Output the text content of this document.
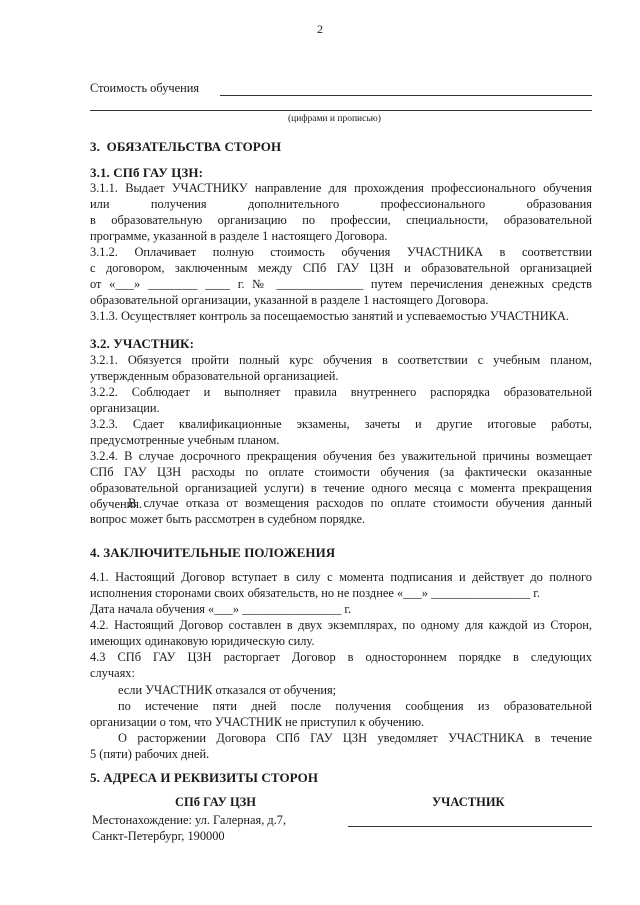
2
Стоимость обучения
(цифрами и прописью)
3.  ОБЯЗАТЕЛЬСТВА СТОРОН
3.1. СПб ГАУ ЦЗН:
3.1.1. Выдает УЧАСТНИКУ направление для прохождения профессионального обучения
или получения дополнительного профессионального образования
в образовательную организацию по профессии, специальности, образовательной
программе, указанной в разделе 1 настоящего Договора.
3.1.2. Оплачивает полную стоимость обучения УЧАСТНИКА в соответствии
с договором, заключенным между СПб ГАУ ЦЗН и образовательной организацией
от «___» ________ ____ г. № ______________ путем перечисления денежных средств
образовательной организации, указанной в разделе 1 настоящего Договора.
3.1.3. Осуществляет контроль за посещаемостью занятий и успеваемостью УЧАСТНИКА.
3.2. УЧАСТНИК:
3.2.1. Обязуется пройти полный курс обучения в соответствии с учебным планом,
утвержденным образовательной организацией.
3.2.2. Соблюдает и выполняет правила внутреннего распорядка образовательной
организации.
3.2.3. Сдает квалификационные экзамены, зачеты и другие итоговые работы,
предусмотренные учебным планом.
3.2.4. В случае досрочного прекращения обучения без уважительной причины возмещает
СПб ГАУ ЦЗН расходы по оплате стоимости обучения (за фактически оказанные
образовательной организацией услуги) в течение одного месяца с момента прекращения
обучения.
В случае отказа от возмещения расходов по оплате стоимости обучения данный
вопрос может быть рассмотрен в судебном порядке.
4. ЗАКЛЮЧИТЕЛЬНЫЕ ПОЛОЖЕНИЯ
4.1. Настоящий Договор вступает в силу с момента подписания и действует до полного
исполнения сторонами своих обязательств, но не позднее «___» ________________ г.
Дата начала обучения «___» ________________ г.
4.2. Настоящий Договор составлен в двух экземплярах, по одному для каждой из Сторон,
имеющих одинаковую юридическую силу.
4.3 СПб ГАУ ЦЗН расторгает Договор в одностороннем порядке в следующих
случаях:
если УЧАСТНИК отказался от обучения;
по истечение пяти дней после получения сообщения из образовательной
организации о том, что УЧАСТНИК не приступил к обучению.
О расторжении Договора СПб ГАУ ЦЗН уведомляет УЧАСТНИКА в течение
5 (пяти) рабочих дней.
5. АДРЕСА И РЕКВИЗИТЫ СТОРОН
СПб ГАУ ЦЗН	УЧАСТНИК
Местонахождение: ул. Галерная, д.7,
Санкт-Петербург, 190000
